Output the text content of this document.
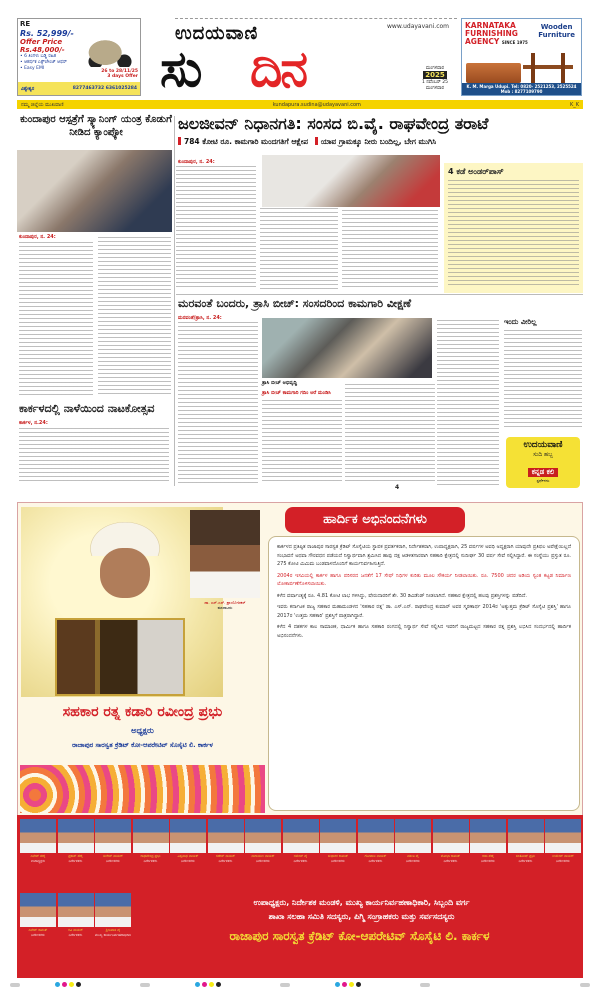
RE
Rs. 52,999/-
Offer Price
Rs.48,000/-
• 6 ತಿಂಗಳು ಬಡ್ಡಿ ರಹಿತ
• ಆಕರ್ಷಕ ಎಕ್ಸ್‌ಚೇಂಜ್ ಆಫರ್
• Easy EMI
26 to 28/11/25
3 days Offer
ವಿಶ್ವೇಶ್ವರ	8277463732 6361025284
ಉದಯವಾಣಿ
ಸು ದಿನ
www.udayavani.com
ಮಂಗಳವಾರ
2025
1 ನವೆಂಬರ್ 25
ಮಂಗಳವಾರ
KARNATAKA
FURNISHING
AGENCY SINCE 1975
Wooden
Furniture
K. M. Marga Udupi. Tel: 0820- 2521253, 2525524
Mob : 8277109790
ನಮ್ಮ ಜಿಲ್ಲೆಯ ಮುಖವಾಣಿ	kundapura.sudina@udayavani.com	K_K
ಕುಂದಾಪುರ ಆಸ್ಪತ್ರೆಗೆ ಸ್ಕ್ಯಾನಿಂಗ್ ಯಂತ್ರ ಕೊಡುಗೆ ನೀಡಿದ ಕ್ಯಾಂಪ್ಕೋ
ಕುಂದಾಪುರ, ನ. 24:
ಕಾರ್ಕಳದಲ್ಲಿ ನಾಳೆಯಿಂದ ನಾಟಕೋತ್ಸವ
ಕಾರ್ಕಳ, ನ.24:
ಜಲಜೀವನ್ ನಿಧಾನಗತಿ: ಸಂಸದ ಬಿ.ವೈ. ರಾಘವೇಂದ್ರ ತರಾಟೆ
784 ಕೋಟಿ ರೂ. ಕಾಮಗಾರಿ ಮಂದಗತಿಗೆ ಆಕ್ಷೇಪ ಯಾವ ಗ್ರಾಮಕ್ಕೂ ನೀರು ಬಂದಿಲ್ಲ, ಬೇಗ ಮುಗಿಸಿ
ಕುಂದಾಪುರ, ನ. 24:
4 ಕಡೆ ಅಂಡರ್‌ಪಾಸ್
ಮರವಂತೆ ಬಂದರು, ತ್ರಾಸಿ ಬೀಚ್: ಸಂಸದರಿಂದ ಕಾಮಗಾರಿ ವೀಕ್ಷಣೆ
ಮರವಂತೆ/ತ್ರಾಸಿ, ನ. 24:
ತ್ರಾಸಿ ಬೀಚ್ ಅಭಿವೃದ್ಧಿ
ತ್ರಾಸಿ ಬೀಚ್ ಕಾಮಗಾರಿ ಗದಿಂ ಅರೆ ಮಂಡಿಸಿ
ಇಂದು ವೀರಿಲ್ಲ
4
ಉದಯವಾಣಿ
ಸುದಿ ಹಬ್ಬ
ಕನ್ನಡ ಕಲಿ
ಸ್ಪರ್ಧೆಗಳು
ಡಾ. ಎಸ್.ಎಸ್. ಪ್ರಾಯೋಜಕರ್
ಮಾರಾಟರು
ಸಹಕಾರ ರತ್ನ ಕಡಾರಿ ರವೀಂದ್ರ ಪ್ರಭು
ಅಧ್ಯಕ್ಷರು
ರಾಜಾಪುರ ಸಾರಸ್ವತ ಕ್ರೆಡಿಟ್ ಕೋ-ಆಪರೇಟಿವ್ ಸೊಸೈಟಿ ಲಿ. ಕಾರ್ಕಳ
ಹಾರ್ದಿಕ ಅಭಿನಂದನೆಗಳು

ಕಾರ್ಕಳದ ಪ್ರತಿಷ್ಠಿತ ರಾಜಾಪುರ ಸಾರಸ್ವತ ಕ್ರೆಡಿಟ್ ಸೊಸೈಟಿಯ ಸ್ಥಾಪಕ ಪ್ರವರ್ತಕರಾಗಿ, ನಿರ್ದೇಶಕರಾಗಿ, ಉಪಾಧ್ಯಕ್ಷರಾಗಿ, 25 ವರ್ಷಗಳ ಅವಧಿ ಅಧ್ಯಕ್ಷರಾಗಿ ಯಾವುದೇ ಪ್ರತಿಫಲ ಅಪೇಕ್ಷೆಯಿಲ್ಲದೆ ಸಂಭಾವನೆ ಅಥವಾ ಗೌರವಧನ ಪಡೆಯದೆ ನಿಸ್ವಾರ್ಥವಾಗಿ ಶ್ರಮಿಸಿದ ಹಾಫು ದಕ್ಷ ಆಡಳಿತಗಾರರಾಗಿ ಸಹಕಾರಿ ಕ್ಷೇತ್ರದಲ್ಲಿ ಸುದೀರ್ಘ 30 ವರ್ಷ ಸೇವೆ ಸಲ್ಲಿಸಿದ್ದಾರೆ. ಈ ಸಂಸ್ಥೆಯು ಪ್ರಸ್ತುತ ರೂ. 275 ಕೋಟಿ ಮಿಮಿಮ ಬಂಡವಾಳದೊಂದಿಗೆ ಕಾರ್ಯನಿರ್ವಹಿಸುತ್ತಿದೆ.

2004ರ ಇಸವಿಯಲ್ಲಿ ಕಾರ್ಕಳ ಹಾಗೂ ಪರಿಸರದ ಜನತೆಗೆ 17 ಸೇಫ್ ನಿಧಿಗಳ ಕುರಿತು ಮೂಲ ಸೌಕರ್ಯ ನೀಡಲಾಯಿತು. ರೂ. 7500 ಚದರ ಅಡಿಯ ಸ್ವಂತ ಕಟ್ಟಡ ನಿರ್ಮಾಣ ಲೋಕಾರ್ಪಣೆಗೊಳಿಸಲಾಯಿತು.

ಕಳೆದ ವರ್ಷಾಂತ್ಯಕ್ಕೆ ರೂ. 4.81 ಕೋಟಿ ಲಾಭ ಗಳಿಸಿದ್ದು, ಷೇರುದಾರರಿಗೆ ಶೇ. 30 ಡಿವಿಡೆಂಡ್ ನೀಡಲಾಗಿದೆ. ಸಹಕಾರ ಕ್ಷೇತ್ರದಲ್ಲಿ ಹಲವು ಪ್ರಶಸ್ತಿಗಳನ್ನು ಪಡೆದಿದೆ.

ಇವರು ಕರ್ನಾಟಕ ರಾಜ್ಯ ಸಹಕಾರ ಮಹಾಮಂಡಳದ 'ಸಹಕಾರ ರತ್ನ' ಡಾ. ಎಸ್.ಎನ್. ರಾಘವೇಂದ್ರ ಕುಮಾರ್ ಅವರ ಸ್ಮರಣಾರ್ಥ 2014ರ 'ಅತ್ಯುತ್ತಮ ಕ್ರೆಡಿಟ್ ಸೊಸೈಟಿ ಪ್ರಶಸ್ತಿ' ಹಾಗೂ 2017ರ 'ಉತ್ತಮ ಸಹಕಾರಿ' ಪ್ರಶಸ್ತಿಗೆ ಪಾತ್ರರಾಗಿದ್ದಾರೆ.

ಕಳೆದ 4 ದಶಕಗಳ ಕಾಲ ಸಾಮಾಜಿಕ, ಧಾರ್ಮಿಕ ಹಾಗೂ ಸಹಕಾರಿ ರಂಗದಲ್ಲಿ ನಿಸ್ವಾರ್ಥ ಸೇವೆ ಸಲ್ಲಿಸಿದ ಇವರಿಗೆ ರಾಜ್ಯಮಟ್ಟದ ಸಹಕಾರ ರತ್ನ ಪ್ರಶಸ್ತಿ ಲಭಿಸಿದ ಸಂದರ್ಭದಲ್ಲಿ ಹಾರ್ದಿಕ ಅಭಿನಂದನೆಗಳು.

ದಿನೇಶ್ ಶೆಣೈ
ಉಪಾಧ್ಯಕ್ಷರು
ಪ್ರಕಾಶ್ ಶೆಣೈ
ನಿರ್ದೇಶಕರು
ಸುರೇಶ್ ನಾಯಕ್
ನಿರ್ದೇಶಕರು
ರಾಘವೇಂದ್ರ ಪ್ರಭು
ನಿರ್ದೇಶಕರು
ವಿಶ್ವನಾಥ ನಾಯಕ್
ನಿರ್ದೇಶಕರು
ಗಣೇಶ್ ನಾಯಕ್
ನಿರ್ದೇಶಕರು
ನಾರಾಯಣ ನಾಯಕ್
ನಿರ್ದೇಶಕರು
ರಮೇಶ್ ಪೈ
ನಿರ್ದೇಶಕರು
ಸುಧಾಕರ ಕಾಮತ್
ನಿರ್ದೇಶಕರು
ಗೋಪಾಲ ನಾಯಕ್
ನಿರ್ದೇಶಕರು
ವಸಂತಿ ಪೈ
ನಿರ್ದೇಶಕರು
ಶೋಭಾ ಕಾಮತ್
ನಿರ್ದೇಶಕರು
ಆಶಾ ಶೆಣೈ
ನಿರ್ದೇಶಕರು
ಸಂತೋಷ್ ಪ್ರಭು
ನಿರ್ದೇಶಕರು
ಉಮೇಶ್ ನಾಯಕ್
ನಿರ್ದೇಶಕರು
ದಿನೇಶ್ ಕಾಮತ್
ನಿರ್ದೇಶಕರು
ರವಿ ನಾಯಕ್
ನಿರ್ದೇಶಕರು
ಶ್ರೀನಿವಾಸ ಪೈ
ಮುಖ್ಯ ಕಾರ್ಯನಿರ್ವಹಣಾಧಿಕಾರಿ
ಉಪಾಧ್ಯಕ್ಷರು, ನಿರ್ದೇಶಕ ಮಂಡಳಿ, ಮುಖ್ಯ ಕಾರ್ಯನಿರ್ವಹಣಾಧಿಕಾರಿ, ಸಿಬ್ಬಂದಿ ವರ್ಗ
ಶಾಖಾ ಸಲಹಾ ಸಮಿತಿ ಸದಸ್ಯರು, ಪಿಗ್ಮಿ ಸಂಗ್ರಾಹಕರು ಮತ್ತು ಸರ್ವಸದಸ್ಯರು
ರಾಜಾಪುರ ಸಾರಸ್ವತ ಕ್ರೆಡಿಟ್ ಕೋ-ಆಪರೇಟಿವ್ ಸೊಸೈಟಿ ಲಿ. ಕಾರ್ಕಳ
